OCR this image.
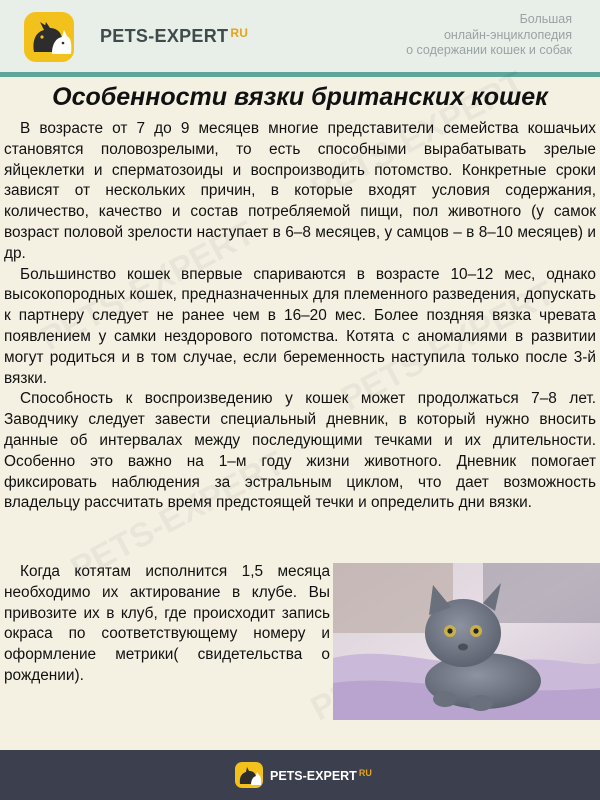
PETS-EXPERT $^{RU}$
Большая
онлайн-энциклопедия
о содержании кошек и собак
Особенности вязки британских кошек

В возрасте от 7 до 9 месяцев многие представители семейства кошачьих становятся половозрелыми, то есть способными вырабатывать зрелые яйцеклетки и сперматозоиды и воспроизводить потомство. Конкретные сроки зависят от нескольких причин, в которые входят условия содержания, количество, качество и состав потребляемой пищи, пол животного (у самок возраст половой зрелости наступает в 6–8 месяцев, у самцов – в 8–10 месяцев) и др.

Большинство кошек впервые спариваются в возрасте 10–12 мес, однако высокопородных кошек, предназначенных для племенного разведения, допускать к партнеру следует не ранее чем в 16–20 мес. Более поздняя вязка чревата появлением у самки нездорового потомства. Котята с аномалиями в развитии могут родиться и в том случае, если беременность наступила только после 3-й вязки.

Способность к воспроизведению у кошек может продолжаться 7–8 лет. Заводчику следует завести специальный дневник, в который нужно вносить данные об интервалах между последующими течками и их длительности. Особенно это важно на 1–м году жизни животного. Дневник помогает фиксировать наблюдения за эстральным циклом, что дает возможность владельцу рассчитать время предстоящей течки и определить дни вязки.

Когда котятам исполнится 1,5 месяца необходимо их актирование в клубе. Вы привозите их в клуб, где происходит запись окраса по соответствующему номеру и оформление метрики( свидетельства о рождении).

PETS-EXPERT $^{RU}$
